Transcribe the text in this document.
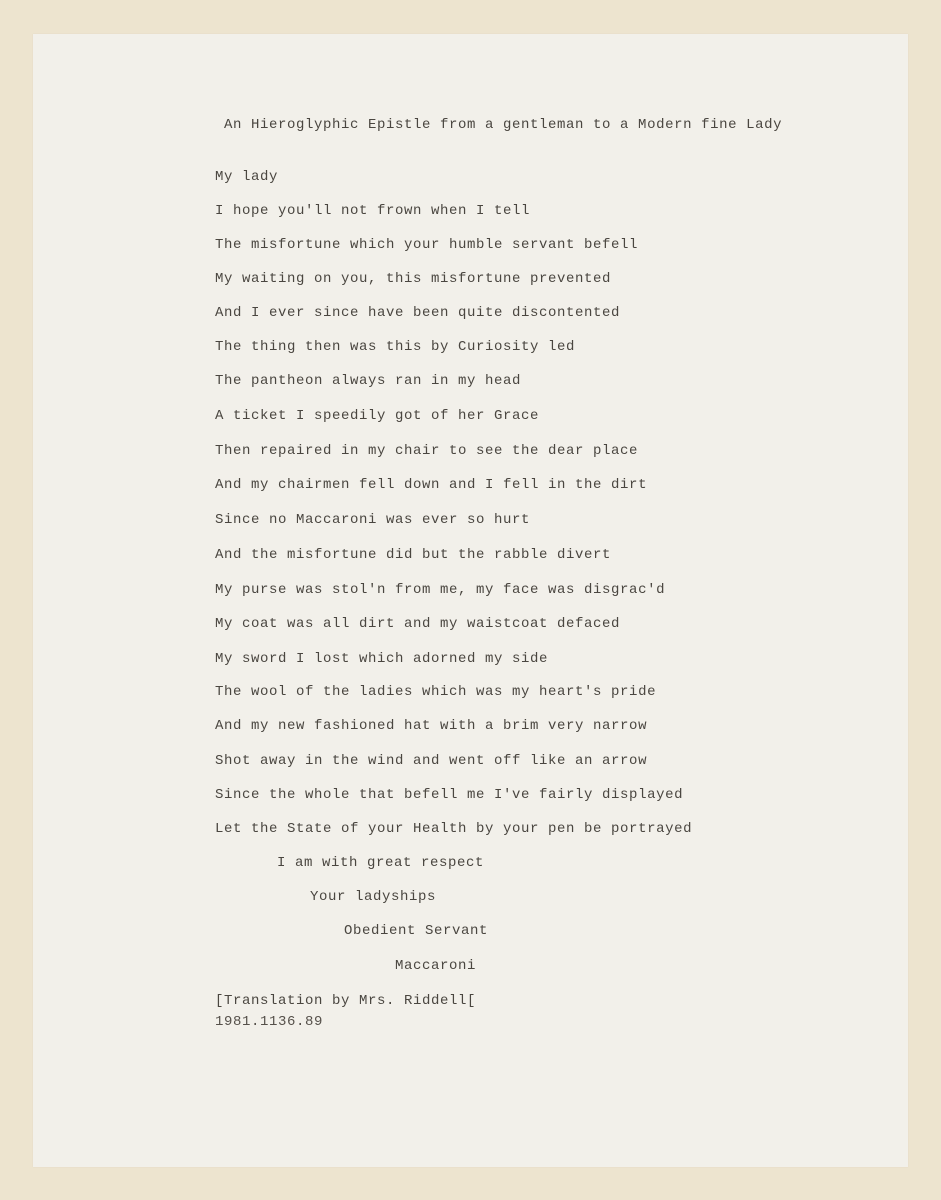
An Hieroglyphic Epistle from a gentleman to a Modern fine Lady
My lady
I hope you'll not frown when I tell
The misfortune which your humble servant befell
My waiting on you, this misfortune prevented
And I ever since have been quite discontented
The thing then was this by Curiosity led
The pantheon always ran in my head
A ticket I speedily got of her Grace
Then repaired in my chair to see the dear place
And my chairmen fell down and I fell in the dirt
Since no Maccaroni was ever so hurt
And the misfortune did but the rabble divert
My purse was stol'n from me, my face was disgrac'd
My coat was all dirt and my waistcoat defaced
My sword I lost which adorned my side
The wool of the ladies which was my heart's pride
And my new fashioned hat with a brim very narrow
Shot away in the wind and went off like an arrow
Since the whole that befell me I've fairly displayed
Let the State of your Health by your pen be portrayed
I am with great respect
Your ladyships
Obedient Servant
Maccaroni
[Translation by Mrs. Riddell[
1981.1136.89
